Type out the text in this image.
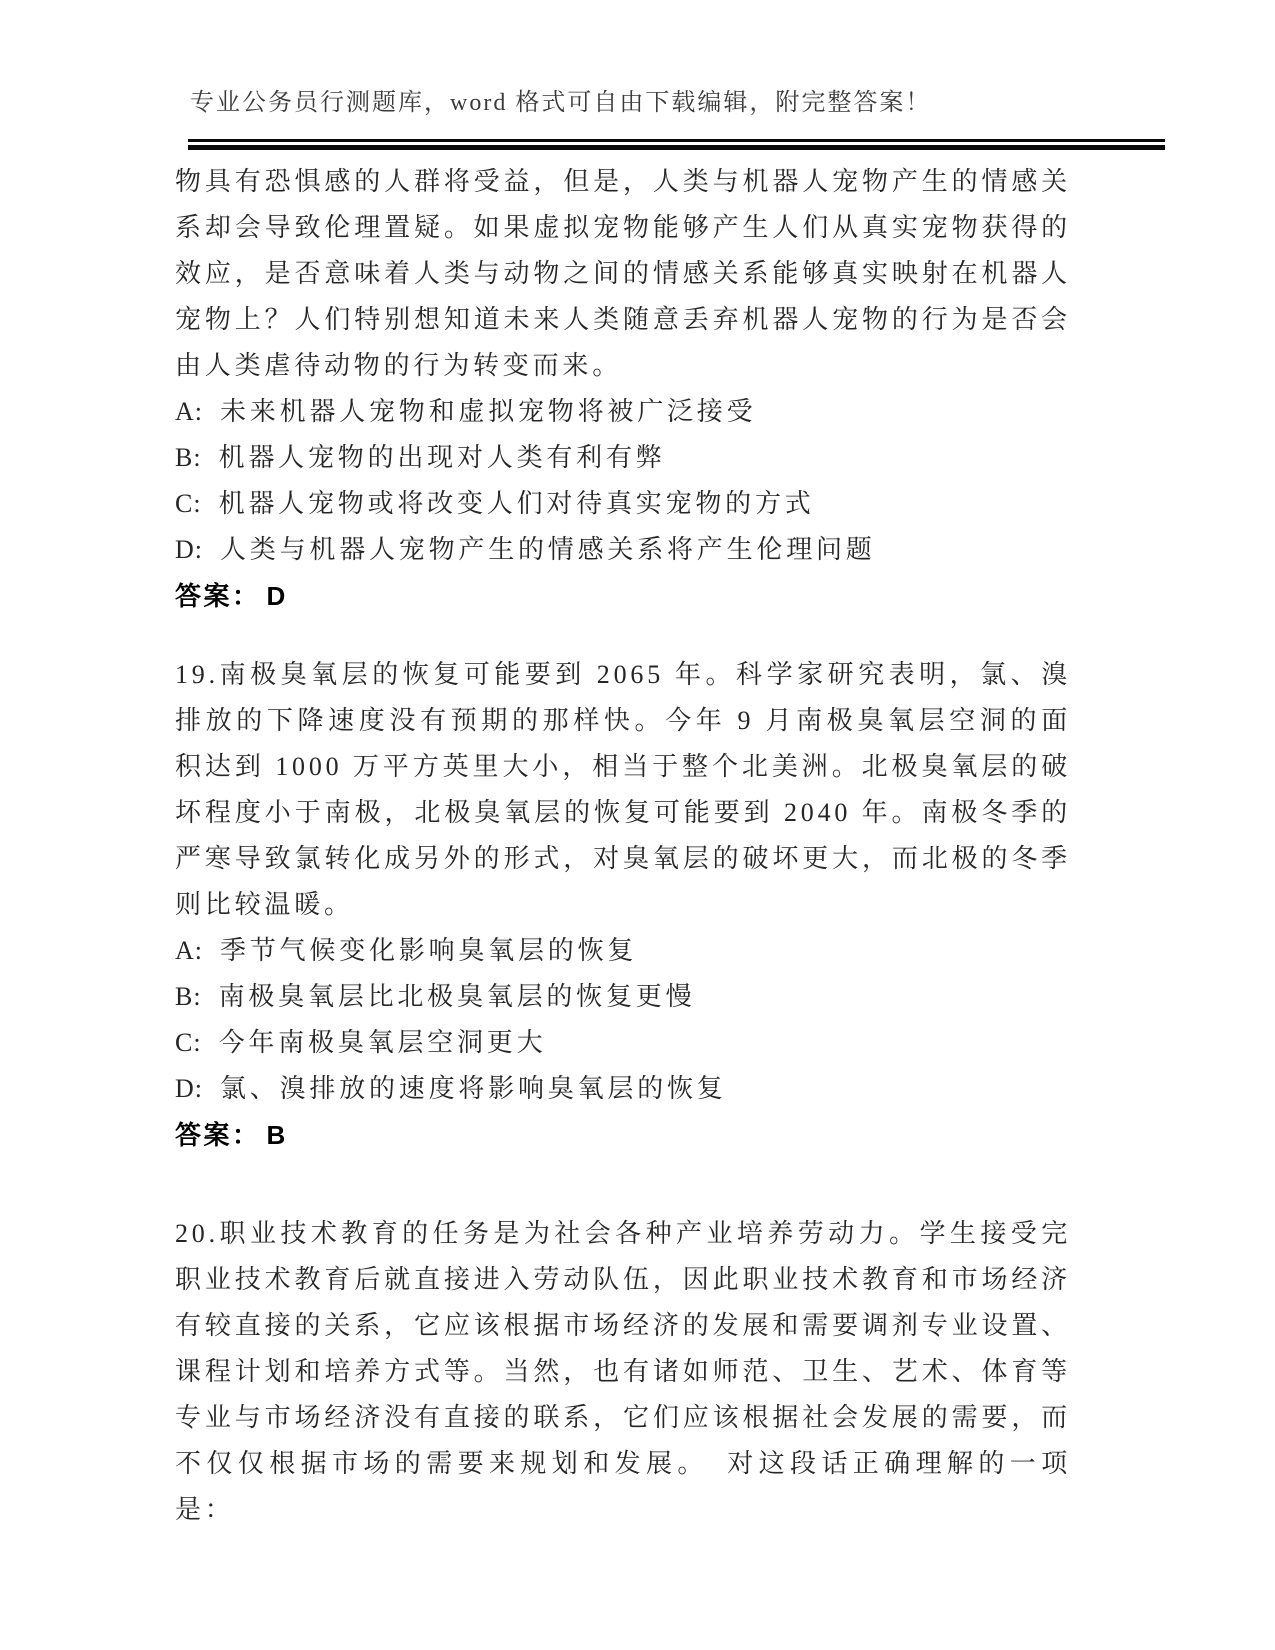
专业公务员行测题库，word 格式可自由下载编辑，附完整答案！

物具有恐惧感的人群将受益，但是，人类与机器人宠物产生的情感关系却会导致伦理置疑。如果虚拟宠物能够产生人们从真实宠物获得的效应，是否意味着人类与动物之间的情感关系能够真实映射在机器人宠物上？人们特别想知道未来人类随意丢弃机器人宠物的行为是否会由人类虐待动物的行为转变而来。

A: 未来机器人宠物和虚拟宠物将被广泛接受
B: 机器人宠物的出现对人类有利有弊
C: 机器人宠物或将改变人们对待真实宠物的方式
D: 人类与机器人宠物产生的情感关系将产生伦理问题

答案： D

19.南极臭氧层的恢复可能要到 2065 年。科学家研究表明，氯、溴排放的下降速度没有预期的那样快。今年 9 月南极臭氧层空洞的面积达到 1000 万平方英里大小，相当于整个北美洲。北极臭氧层的破坏程度小于南极，北极臭氧层的恢复可能要到 2040 年。南极冬季的严寒导致氯转化成另外的形式，对臭氧层的破坏更大，而北极的冬季则比较温暖。

A: 季节气候变化影响臭氧层的恢复
B: 南极臭氧层比北极臭氧层的恢复更慢
C: 今年南极臭氧层空洞更大
D: 氯、溴排放的速度将影响臭氧层的恢复

答案： B

20.职业技术教育的任务是为社会各种产业培养劳动力。学生接受完职业技术教育后就直接进入劳动队伍，因此职业技术教育和市场经济有较直接的关系，它应该根据市场经济的发展和需要调剂专业设置、课程计划和培养方式等。当然，也有诸如师范、卫生、艺术、体育等专业与市场经济没有直接的联系，它们应该根据社会发展的需要，而不仅仅根据市场的需要来规划和发展。　对这段话正确理解的一项是：
